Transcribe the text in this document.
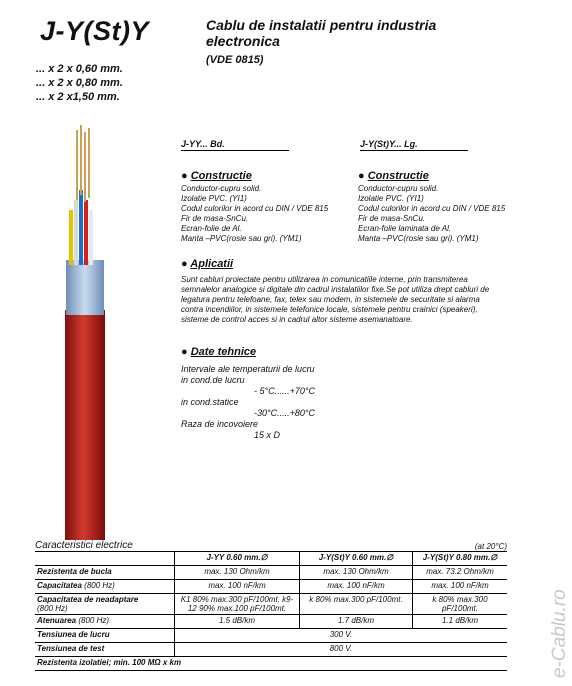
J-Y(St)Y	Cablu de instalatii pentru industria electronica
(VDE 0815)
... x 2 x 0,60 mm.
... x 2 x 0,80 mm.
... x 2 x1,50 mm.
J-YY... Bd.	J-Y(St)Y... Lg.
● Constructie
Conductor-cupru solid.
Izolatie PVC. (YI1)
Codul culorilor in acord cu DIN / VDE 815
Fir de masa-SnCu.
Ecran-folie de Al.
Manta –PVC(rosie sau gri). (YM1)
● Constructie
Conductor-cupru solid.
Izolatie PVC. (YI1)
Codul culorilor in acord cu DIN / VDE 815
Fir de masa-SnCu.
Ecran-folie laminata de Al.
Manta –PVC(rosie sau gri). (YM1)
● Aplicatii
Sunt cabluri proiectate pentru utilizarea in comunicatiile interne, prin transmiterea
semnalelor analogice si digitale din cadrul instalatiilor fixe.Se pot utiliza drept cabluri de
legatura pentru telefoane, fax, telex sau modem, in sistemele de securitate si alarma
contra incendiilor, in sistemele telefonice locale, sistemele pentru crainici (speakeri),
sisteme de control acces si in cadrul altor sisteme asemanatoare.
● Date tehnice
Intervale ale temperaturii de lucru
in cond.de lucru
- 5°C......+70°C
in cond.statice
-30°C.....+80°C
Raza de incovoiere
15 x D
Caracteristici electrice	(at 20°C)
	J-YY 0.60 mm.∅	J-Y(St)Y 0.60 mm.∅	J-Y(St)Y 0.80 mm.∅
Rezistenta de bucla	max. 130 Ohm/km	max. 130 Ohm/km	max. 73.2 Ohm/km
Capacitatea (800 Hz)	max. 100 nF/km	max. 100 nF/km	max. 100 nF/km
Capacitatea de neadaptare
(800 Hz)	K1 80% max.300 pF/100mt. k9-12 90% max.100 pF/100mt.	k 80% max.300 pF/100mt.	k 80% max.300 pF/100mt.
Atenuarea (800 Hz)	1.5 dB/km	1.7 dB/km	1.1 dB/km
Tensiunea de lucru	300 V.		
Tensiunea de test	800 V.		
Rezistenta izolatiei; min. 100 MΩ x km				e-Cablu.ro
